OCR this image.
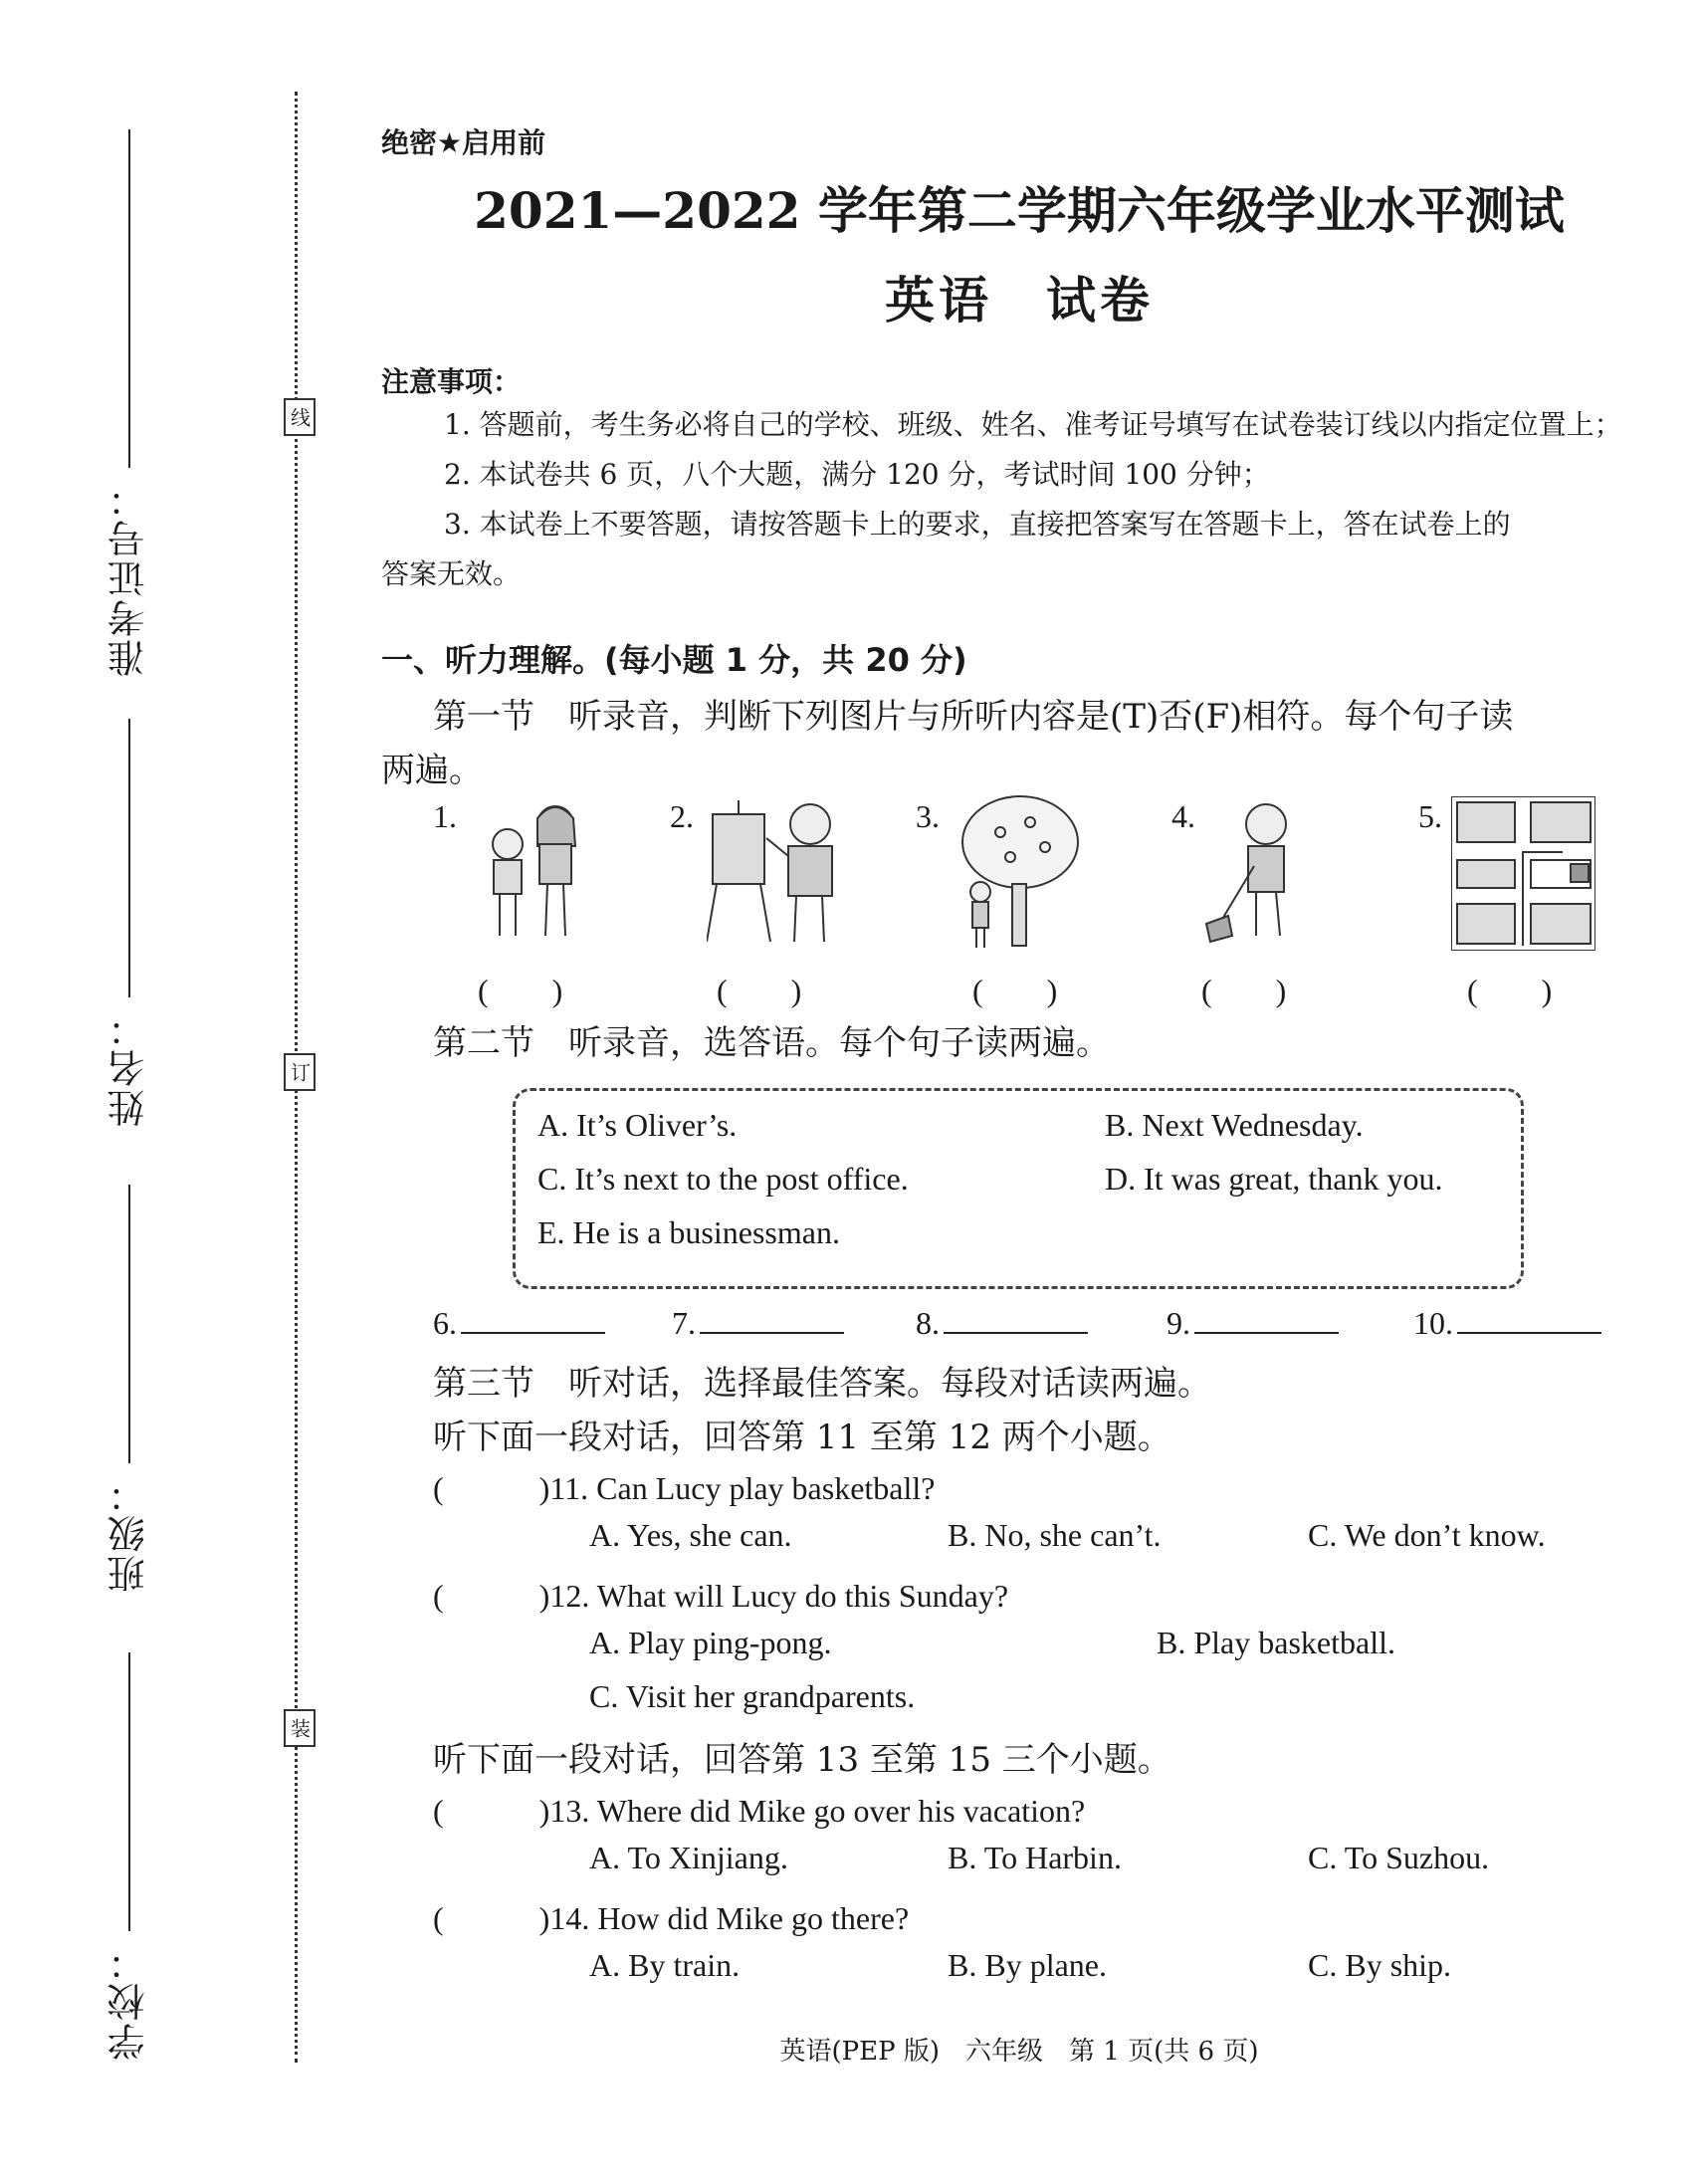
准考证号：
姓名：
班级：
学校：
线
订
装
绝密★启用前
2021—2022 学年第二学期六年级学业水平测试
英语　试卷
注意事项：
1. 答题前，考生务必将自己的学校、班级、姓名、准考证号填写在试卷装订线以内指定位置上；
2. 本试卷共 6 页，八个大题，满分 120 分，考试时间 100 分钟；
3. 本试卷上不要答题，请按答题卡上的要求，直接把答案写在答题卡上，答在试卷上的
答案无效。
一、听力理解。(每小题 1 分，共 20 分)
第一节　听录音，判断下列图片与所听内容是(T)否(F)相符。每个句子读
两遍。
1.	2.	3.	4.	5.
(　　)	(　　)	(　　)	(　　)	(　　)
第二节　听录音，选答语。每个句子读两遍。
A. It’s Oliver’s.	B. Next Wednesday.
C. It’s next to the post office.	D. It was great, thank you.
E. He is a businessman.
6.	7.	8.	9.	10.
第三节　听对话，选择最佳答案。每段对话读两遍。
听下面一段对话，回答第 11 至第 12 两个小题。
(　　　)11. Can Lucy play basketball?
A. Yes, she can.	B. No, she can’t.	C. We don’t know.
(　　　)12. What will Lucy do this Sunday?
A. Play ping-pong.	B. Play basketball.
C. Visit her grandparents.
听下面一段对话，回答第 13 至第 15 三个小题。
(　　　)13. Where did Mike go over his vacation?
A. To Xinjiang.	B. To Harbin.	C. To Suzhou.
(　　　)14. How did Mike go there?
A. By train.	B. By plane.	C. By ship.
英语(PEP 版)　六年级　第 1 页(共 6 页)
